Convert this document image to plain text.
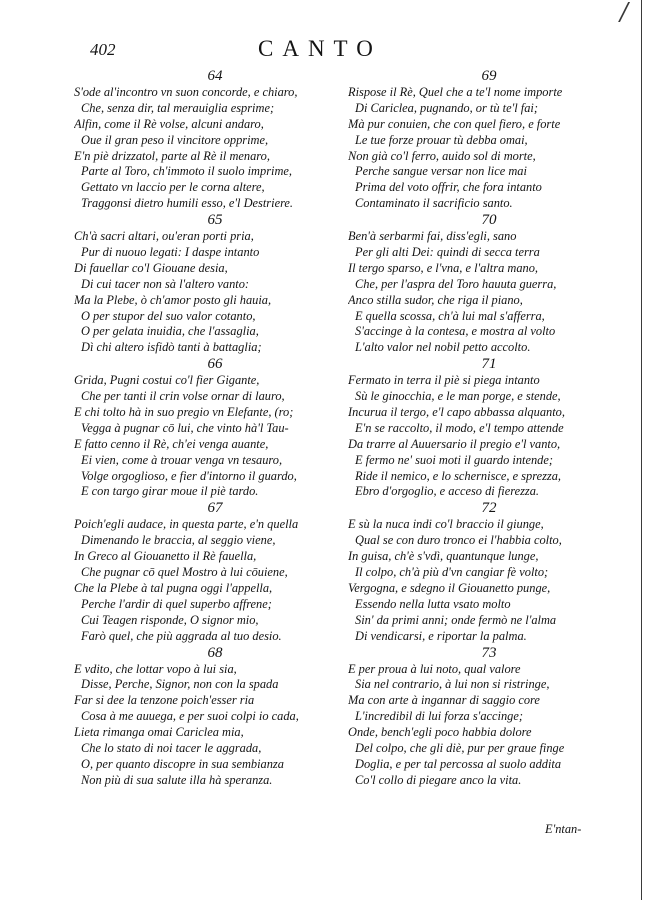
/
402	CANTO
64
S'ode al'incontro vn suon concorde, e chiaro,
Che, senza dir, tal merauiglia esprime;
Alfin, come il Rè volse, alcuni andaro,
Oue il gran peso il vincitore opprime,
E'n piè drizzatol, parte al Rè il menaro,
Parte al Toro, ch'immoto il suolo imprime,
Gettato vn laccio per le corna altere,
Traggonsi dietro humili esso, e'l Destriere.
65
Ch'à sacri altari, ou'eran porti pria,
Pur di nuouo legati: I daspe intanto
Di fauellar co'l Giouane desia,
Di cui tacer non sà l'altero vanto:
Ma la Plebe, ò ch'amor posto gli hauia,
O per stupor del suo valor cotanto,
O per gelata inuidia, che l'assaglia,
Dì chi altero isfidò tanti à battaglia;
66
Grida, Pugni costui co'l fier Gigante,
Che per tanti il crin volse ornar di lauro,
E chi tolto hà in suo pregio vn Elefante, (ro;
Vegga à pugnar cō lui, che vinto hà'l Tau-
E fatto cenno il Rè, ch'ei venga auante,
Ei vien, come à trouar venga vn tesauro,
Volge orgoglioso, e fier d'intorno il guardo,
E con targo girar moue il piè tardo.
67
Poich'egli audace, in questa parte, e'n quella
Dimenando le braccia, al seggio viene,
In Greco al Giouanetto il Rè fauella,
Che pugnar cō quel Mostro à lui cōuiene,
Che la Plebe à tal pugna oggi l'appella,
Perche l'ardir di quel superbo affrene;
Cui Teagen risponde, O signor mio,
Farò quel, che più aggrada al tuo desio.
68
E vdito, che lottar vopo à lui sia,
Disse, Perche, Signor, non con la spada
Far si dee la tenzone poich'esser ria
Cosa à me auuega, e per suoi colpi io cada,
Lieta rimanga omai Cariclea mia,
Che lo stato di noi tacer le aggrada,
O, per quanto discopre in sua sembianza
Non più di sua salute illa hà speranza.
69
Rispose il Rè, Quel che a te'l nome importe
Di Cariclea, pugnando, or tù te'l fai;
Mà pur conuien, che con quel fiero, e forte
Le tue forze prouar tù debba omai,
Non già co'l ferro, auido sol di morte,
Perche sangue versar non lice mai
Prima del voto offrir, che fora intanto
Contaminato il sacrificio santo.
70
Ben'à serbarmi fai, diss'egli, sano
Per gli alti Dei: quindi di secca terra
Il tergo sparso, e l'vna, e l'altra mano,
Che, per l'aspra del Toro hauuta guerra,
Anco stilla sudor, che riga il piano,
E quella scossa, ch'à lui mal s'afferra,
S'accinge à la contesa, e mostra al volto
L'alto valor nel nobil petto accolto.
71
Fermato in terra il piè si piega intanto
Sù le ginocchia, e le man porge, e stende,
Incurua il tergo, e'l capo abbassa alquanto,
E'n se raccolto, il modo, e'l tempo attende
Da trarre al Auuersario il pregio e'l vanto,
E fermo ne' suoi moti il guardo intende;
Ride il nemico, e lo schernisce, e sprezza,
Ebro d'orgoglio, e acceso di fierezza.
72
E sù la nuca indi co'l braccio il giunge,
Qual se con duro tronco ei l'habbia colto,
In guisa, ch'è s'vdì, quantunque lunge,
Il colpo, ch'à più d'vn cangiar fè volto;
Vergogna, e sdegno il Giouanetto punge,
Essendo nella lutta vsato molto
Sin' da primi anni; onde fermò ne l'alma
Di vendicarsi, e riportar la palma.
73
E per proua à lui noto, qual valore
Sia nel contrario, à lui non si ristringe,
Ma con arte à ingannar di saggio core
L'incredibil di lui forza s'accinge;
Onde, bench'egli poco habbia dolore
Del colpo, che gli diè, pur per graue finge
Doglia, e per tal percossa al suolo addita
Co'l collo di piegare anco la vita.
E'ntan-
